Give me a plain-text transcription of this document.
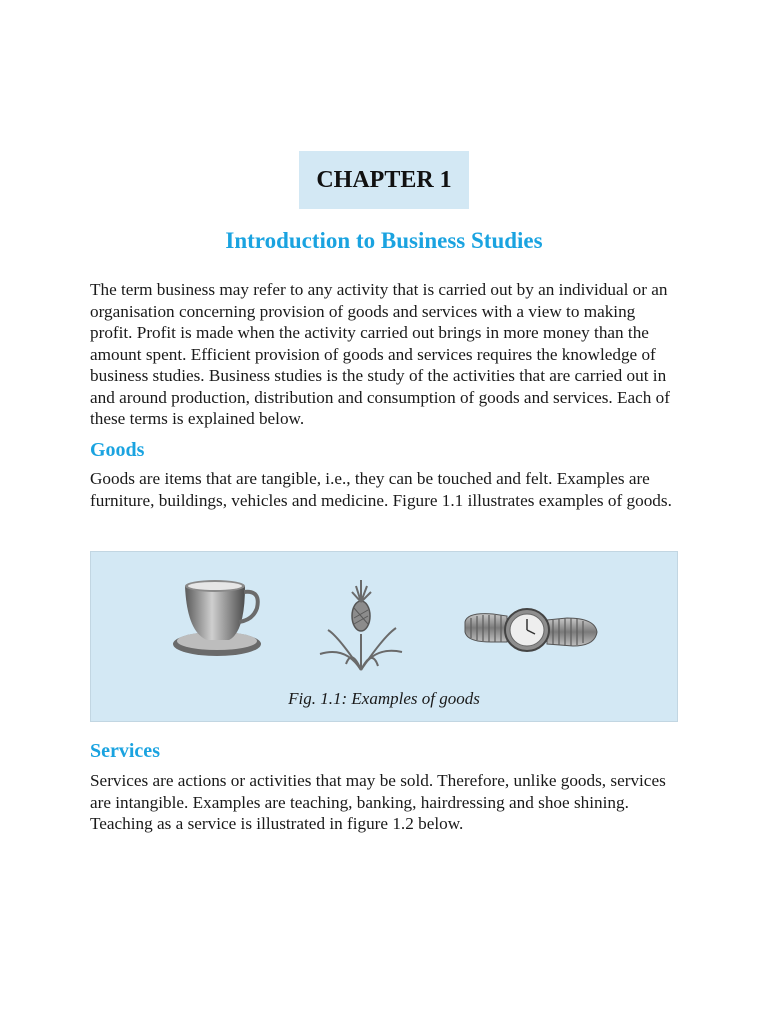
CHAPTER 1
Introduction to Business Studies

The term business may refer to any activity that is carried out by an individual or an organisation concerning provision of goods and services with a view to making profit. Profit is made when the activity carried out brings in more money than the amount spent. Efficient provision of goods and services requires the knowledge of business studies. Business studies is the study of the activities that are carried out in and around production, distribution and consumption of goods and services. Each of these terms is explained below.

Goods

Goods are items that are tangible, i.e., they can be touched and felt. Examples are furniture, buildings, vehicles and medicine. Figure 1.1 illustrates examples of goods.

Fig. 1.1: Examples of goods
Services

Services are actions or activities that may be sold. Therefore, unlike goods, services are intangible. Examples are teaching, banking, hairdressing and shoe shining. Teaching as a service is illustrated in figure 1.2 below.
